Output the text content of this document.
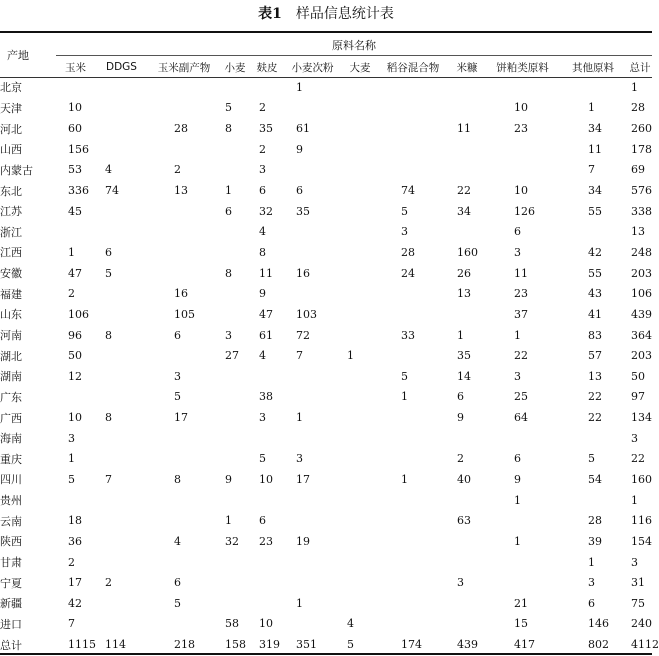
表1 样品信息统计表
原料名称
产地
	玉米	DDGS	玉米副产物	小麦	麸皮	小麦次粉	大麦	稻谷混合物	米糠	饼粕类原料	其他原料	总计
北京						1						1
天津	10			5	2					10	1	28
河北	60		28	8	35	61			11	23	34	260
山西	156				2	9					11	178
内蒙古	53	4	2		3						7	69
东北	336	74	13	1	6	6		74	22	10	34	576
江苏	45			6	32	35		5	34	126	55	338
浙江					4			3		6		13
江西	1	6			8			28	160	3	42	248
安徽	47	5		8	11	16		24	26	11	55	203
福建	2		16		9				13	23	43	106
山东	106		105		47	103				37	41	439
河南	96	8	6	3	61	72		33	1	1	83	364
湖北	50			27	4	7	1		35	22	57	203
湖南	12		3					5	14	3	13	50
广东			5		38			1	6	25	22	97
广西	10	8	17		3	1			9	64	22	134
海南	3											3
重庆	1				5	3			2	6	5	22
四川	5	7	8	9	10	17		1	40	9	54	160
贵州										1		1
云南	18			1	6				63		28	116
陕西	36		4	32	23	19				1	39	154
甘肃	2										1	3
宁夏	17	2	6						3		3	31
新疆	42		5			1				21	6	75
进口	7			58	10		4			15	146	240
总计	1115	114	218	158	319	351	5	174	439	417	802	4112
